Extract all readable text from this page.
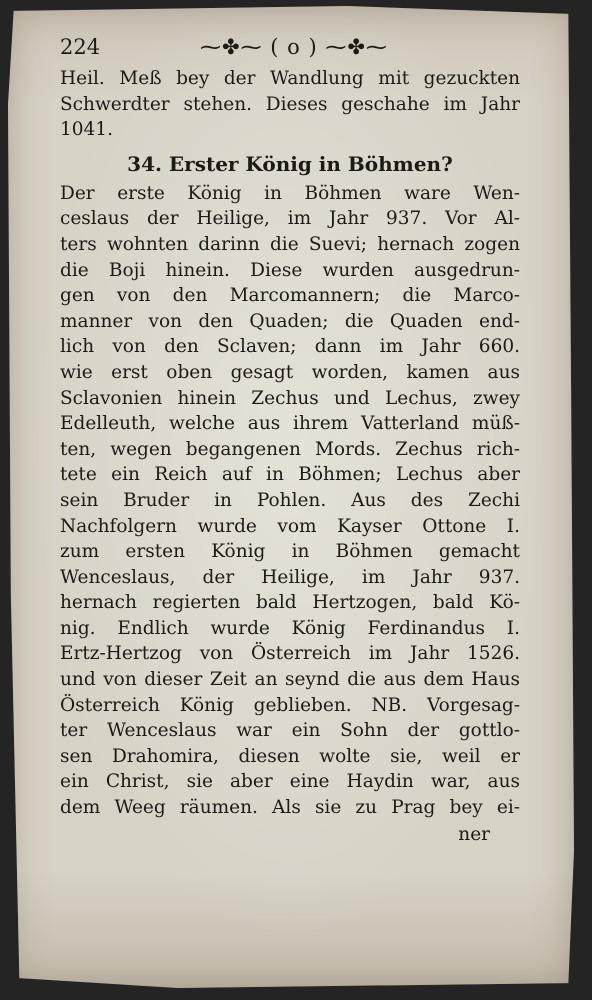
224	⁓✤⁓ ( o ) ⁓✤⁓
Heil. Meß bey der Wandlung mit gezuckten
Schwerdter stehen. Dieses geschahe im Jahr
1041.
34. Erster König in Böhmen?
Der erste König in Böhmen ware Wen-
ceslaus der Heilige, im Jahr 937. Vor Al-
ters wohnten darinn die Suevi; hernach zogen
die Boji hinein. Diese wurden ausgedrun-
gen von den Marcomannern; die Marco-
manner von den Quaden; die Quaden end-
lich von den Sclaven; dann im Jahr 660.
wie erst oben gesagt worden, kamen aus
Sclavonien hinein Zechus und Lechus, zwey
Edelleuth, welche aus ihrem Vatterland müß-
ten, wegen begangenen Mords. Zechus rich-
tete ein Reich auf in Böhmen; Lechus aber
sein Bruder in Pohlen. Aus des Zechi
Nachfolgern wurde vom Kayser Ottone I.
zum ersten König in Böhmen gemacht
Wenceslaus, der Heilige, im Jahr 937.
hernach regierten bald Hertzogen, bald Kö-
nig. Endlich wurde König Ferdinandus I.
Ertz-Hertzog von Österreich im Jahr 1526.
und von dieser Zeit an seynd die aus dem Haus
Österreich König geblieben. NB. Vorgesag-
ter Wenceslaus war ein Sohn der gottlo-
sen Drahomira, diesen wolte sie, weil er
ein Christ, sie aber eine Haydin war, aus
dem Weeg räumen. Als sie zu Prag bey ei-
ner
